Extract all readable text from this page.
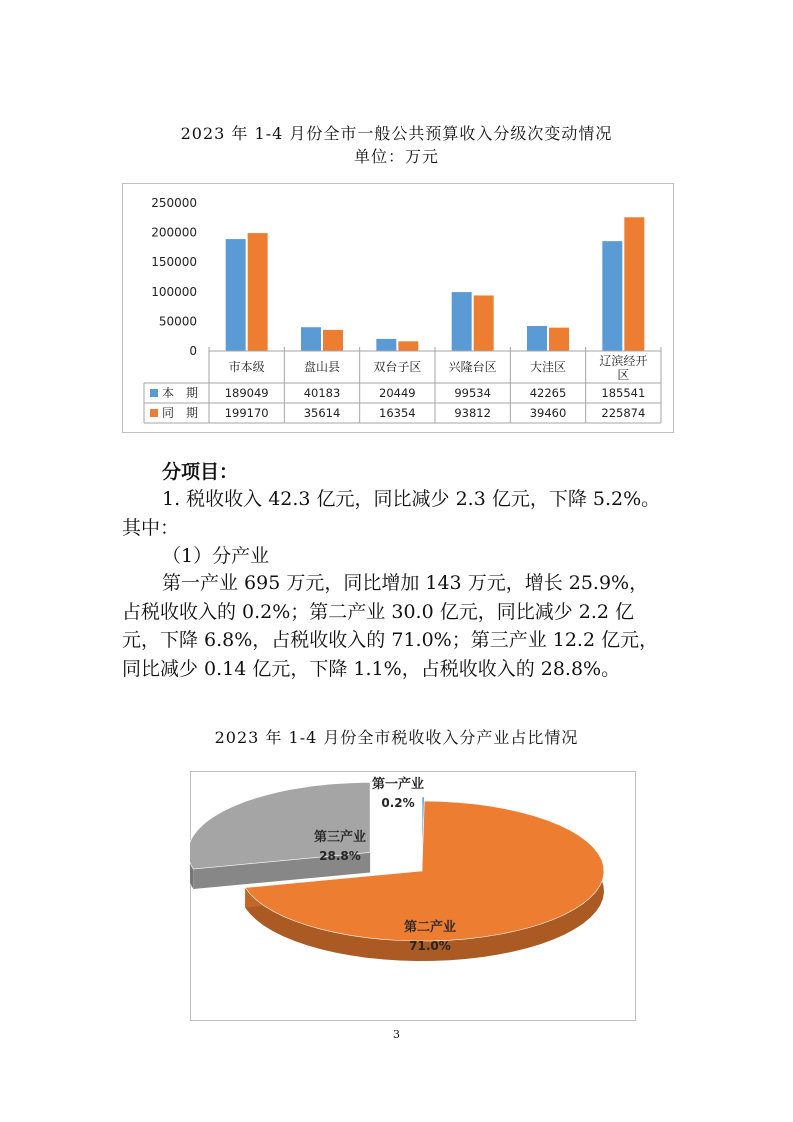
2023 年 1-4 月份全市一般公共预算收入分级次变动情况
单位：万元
0
50000
100000
150000
200000
250000
市本级	盘山县	双台子区 兴隆台区	大洼区	辽滨经开
区
本　期 189049	40183	20449	99534	42265	185541
同　期 199170	35614	16354	93812	39460	225874
分项目：
1. 税收收入 42.3 亿元，同比减少 2.3 亿元，下降 5.2%。
其中：
（1）分产业
第一产业 695 万元，同比增加 143 万元，增长 25.9%，
占税收收入的 0.2%；第二产业 30.0 亿元，同比减少 2.2 亿
元，下降 6.8%，占税收收入的 71.0%；第三产业 12.2 亿元，
同比减少 0.14 亿元，下降 1.1%，占税收收入的 28.8%。
2023 年 1-4 月份全市税收收入分产业占比情况
第一产业
0.2%
第二产业
71.0%
第三产业
28.8%
3
